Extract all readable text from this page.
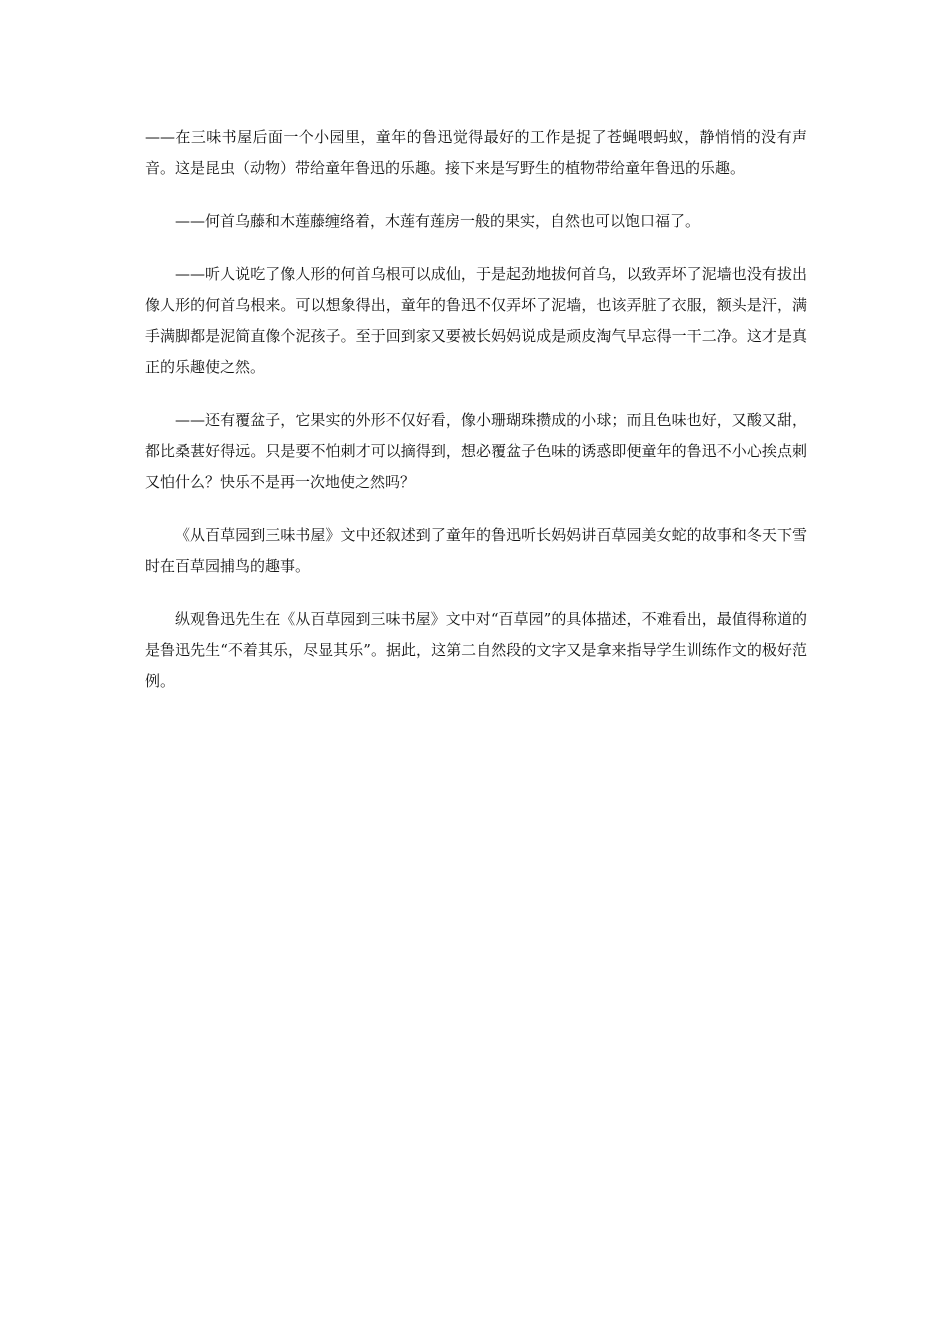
——在三味书屋后面一个小园里，童年的鲁迅觉得最好的工作是捉了苍蝇喂蚂蚁，静悄悄的没有声音。这是昆虫（动物）带给童年鲁迅的乐趣。接下来是写野生的植物带给童年鲁迅的乐趣。

——何首乌藤和木莲藤缠络着，木莲有莲房一般的果实，自然也可以饱口福了。

——听人说吃了像人形的何首乌根可以成仙，于是起劲地拔何首乌，以致弄坏了泥墙也没有拔出像人形的何首乌根来。可以想象得出，童年的鲁迅不仅弄坏了泥墙，也该弄脏了衣服，额头是汗，满手满脚都是泥简直像个泥孩子。至于回到家又要被长妈妈说成是顽皮淘气早忘得一干二净。这才是真正的乐趣使之然。

——还有覆盆子，它果实的外形不仅好看，像小珊瑚珠攒成的小球；而且色味也好，又酸又甜，都比桑葚好得远。只是要不怕刺才可以摘得到，想必覆盆子色味的诱惑即便童年的鲁迅不小心挨点刺又怕什么？快乐不是再一次地使之然吗？

《从百草园到三味书屋》文中还叙述到了童年的鲁迅听长妈妈讲百草园美女蛇的故事和冬天下雪时在百草园捕鸟的趣事。

纵观鲁迅先生在《从百草园到三味书屋》文中对“百草园”的具体描述，不难看出，最值得称道的是鲁迅先生“不着其乐，尽显其乐”。据此，这第二自然段的文字又是拿来指导学生训练作文的极好范例。
